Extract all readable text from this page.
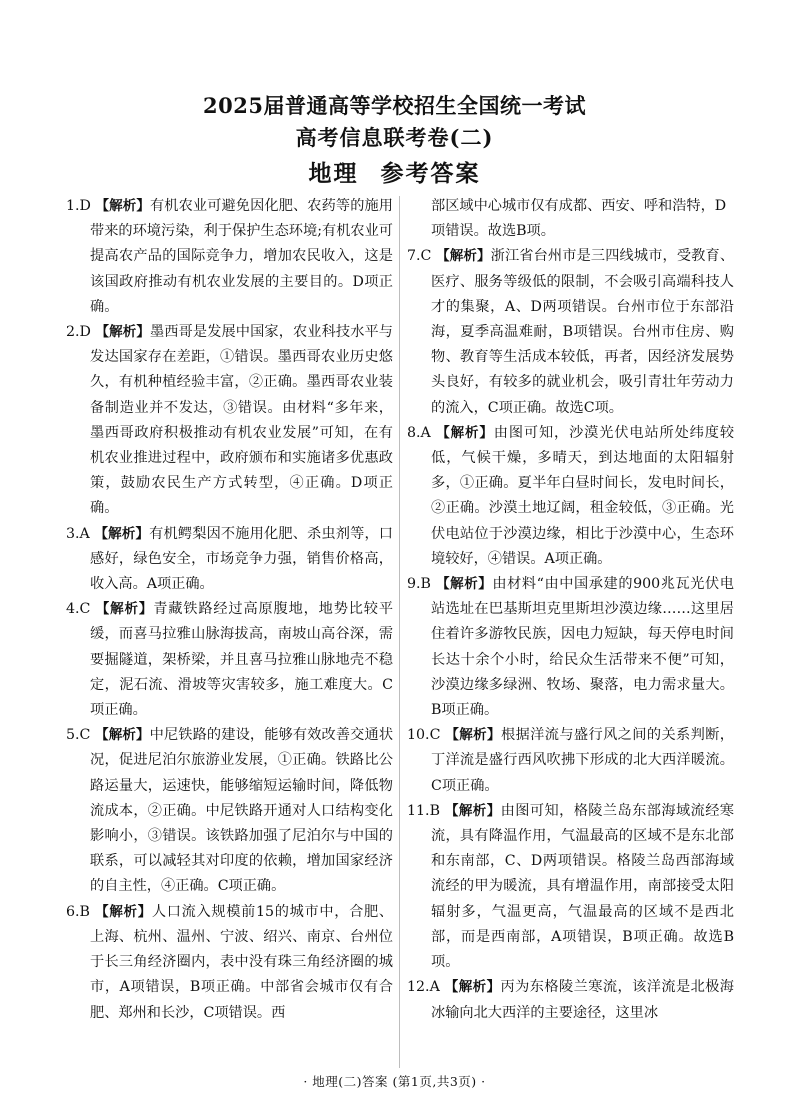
2025届普通高等学校招生全国统一考试
高考信息联考卷(二)
地理 参考答案

1.D 【解析】有机农业可避免因化肥、农药等的施用带来的环境污染，利于保护生态环境;有机农业可提高农产品的国际竞争力，增加农民收入，这是该国政府推动有机农业发展的主要目的。D项正确。

2.D 【解析】墨西哥是发展中国家，农业科技水平与发达国家存在差距，①错误。墨西哥农业历史悠久，有机种植经验丰富，②正确。墨西哥农业装备制造业并不发达，③错误。由材料“多年来，墨西哥政府积极推动有机农业发展”可知，在有机农业推进过程中，政府颁布和实施诸多优惠政策，鼓励农民生产方式转型，④正确。D项正确。

3.A 【解析】有机鳄梨因不施用化肥、杀虫剂等，口感好，绿色安全，市场竞争力强，销售价格高，收入高。A项正确。

4.C 【解析】青藏铁路经过高原腹地，地势比较平缓，而喜马拉雅山脉海拔高，南坡山高谷深，需要掘隧道，架桥梁，并且喜马拉雅山脉地壳不稳定，泥石流、滑坡等灾害较多，施工难度大。C项正确。

5.C 【解析】中尼铁路的建设，能够有效改善交通状况，促进尼泊尔旅游业发展，①正确。铁路比公路运量大，运速快，能够缩短运输时间，降低物流成本，②正确。中尼铁路开通对人口结构变化影响小，③错误。该铁路加强了尼泊尔与中国的联系，可以减轻其对印度的依赖，增加国家经济的自主性，④正确。C项正确。

6.B 【解析】人口流入规模前15的城市中，合肥、上海、杭州、温州、宁波、绍兴、南京、台州位于长三角经济圈内，表中没有珠三角经济圈的城市，A项错误，B项正确。中部省会城市仅有合肥、郑州和长沙，C项错误。西

部区域中心城市仅有成都、西安、呼和浩特，D项错误。故选B项。

7.C 【解析】浙江省台州市是三四线城市，受教育、医疗、服务等级低的限制，不会吸引高端科技人才的集聚，A、D两项错误。台州市位于东部沿海，夏季高温难耐，B项错误。台州市住房、购物、教育等生活成本较低，再者，因经济发展势头良好，有较多的就业机会，吸引青壮年劳动力的流入，C项正确。故选C项。

8.A 【解析】由图可知，沙漠光伏电站所处纬度较低，气候干燥，多晴天，到达地面的太阳辐射多，①正确。夏半年白昼时间长，发电时间长，②正确。沙漠土地辽阔，租金较低，③正确。光伏电站位于沙漠边缘，相比于沙漠中心，生态环境较好，④错误。A项正确。

9.B 【解析】由材料“由中国承建的900兆瓦光伏电站选址在巴基斯坦克里斯坦沙漠边缘……这里居住着许多游牧民族，因电力短缺，每天停电时间长达十余个小时，给民众生活带来不便”可知，沙漠边缘多绿洲、牧场、聚落，电力需求量大。B项正确。

10.C 【解析】根据洋流与盛行风之间的关系判断，丁洋流是盛行西风吹拂下形成的北大西洋暖流。C项正确。

11.B 【解析】由图可知，格陵兰岛东部海域流经寒流，具有降温作用，气温最高的区域不是东北部和东南部，C、D两项错误。格陵兰岛西部海域流经的甲为暖流，具有增温作用，南部接受太阳辐射多，气温更高，气温最高的区域不是西北部，而是西南部，A项错误，B项正确。故选B项。

12.A 【解析】丙为东格陵兰寒流，该洋流是北极海冰输向北大西洋的主要途径，这里冰

· 地理(二)答案 (第1页,共3页) ·
